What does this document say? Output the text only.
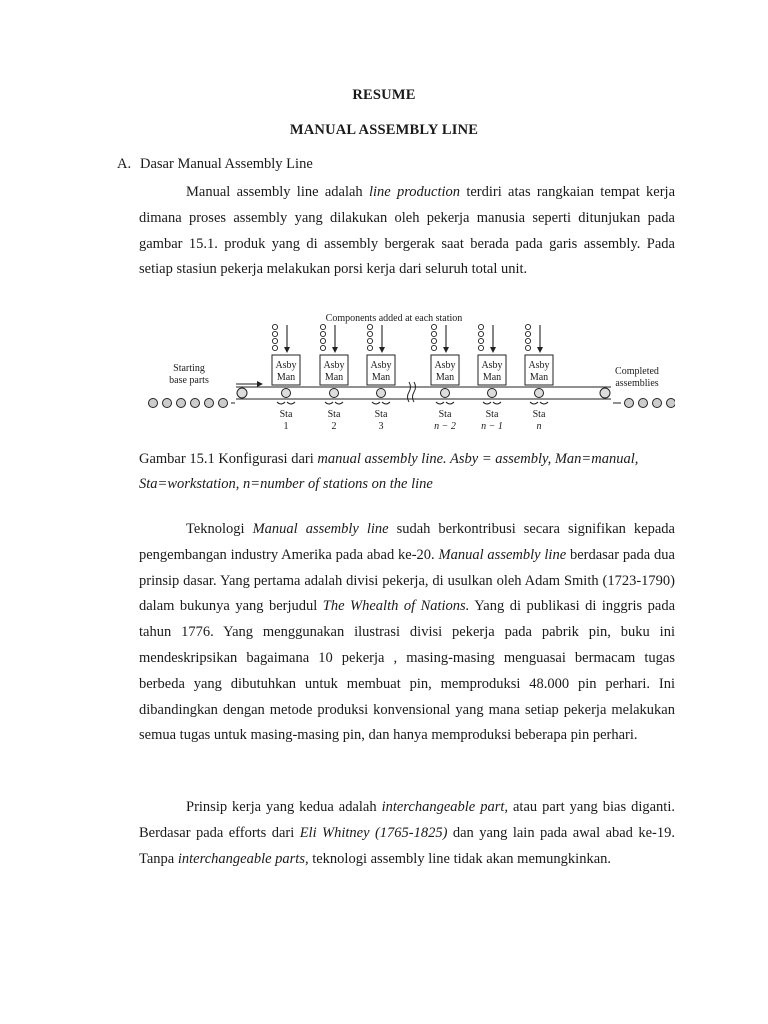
RESUME
MANUAL ASSEMBLY LINE
A. Dasar Manual Assembly Line
Manual assembly line adalah line production terdiri atas rangkaian tempat kerja dimana proses assembly yang dilakukan oleh pekerja manusia seperti ditunjukan pada gambar 15.1. produk yang di assembly bergerak saat berada pada garis assembly. Pada setiap stasiun pekerja melakukan porsi kerja dari seluruh total unit.
Components added at each station
Starting
base parts
Completed
assemblies
Asby
Man
Sta
1
Asby
Man
Sta
2
Asby
Man
Sta
3
Asby
Man
Sta
n − 2
Asby
Man
Sta
n − 1
Asby
Man
Sta
n
Gambar 15.1 Konfigurasi dari manual assembly line. Asby = assembly, Man=manual, Sta=workstation, n=number of stations on the line
Teknologi Manual assembly line sudah berkontribusi secara signifikan kepada pengembangan industry Amerika pada abad ke-20. Manual assembly line berdasar pada dua prinsip dasar. Yang pertama adalah divisi pekerja, di usulkan oleh Adam Smith (1723-1790) dalam bukunya yang berjudul The Whealth of Nations. Yang di publikasi di inggris pada tahun 1776. Yang menggunakan ilustrasi divisi pekerja pada pabrik pin, buku ini mendeskripsikan bagaimana 10 pekerja , masing-masing menguasai bermacam tugas berbeda yang dibutuhkan untuk membuat pin, memproduksi 48.000 pin perhari. Ini dibandingkan dengan metode produksi konvensional yang mana setiap pekerja melakukan semua tugas untuk masing-masing pin, dan hanya memproduksi beberapa pin perhari.
Prinsip kerja yang kedua adalah interchangeable part, atau part yang bias diganti. Berdasar pada efforts dari Eli Whitney (1765-1825) dan yang lain pada awal abad ke-19. Tanpa interchangeable parts, teknologi assembly line tidak akan memungkinkan.
